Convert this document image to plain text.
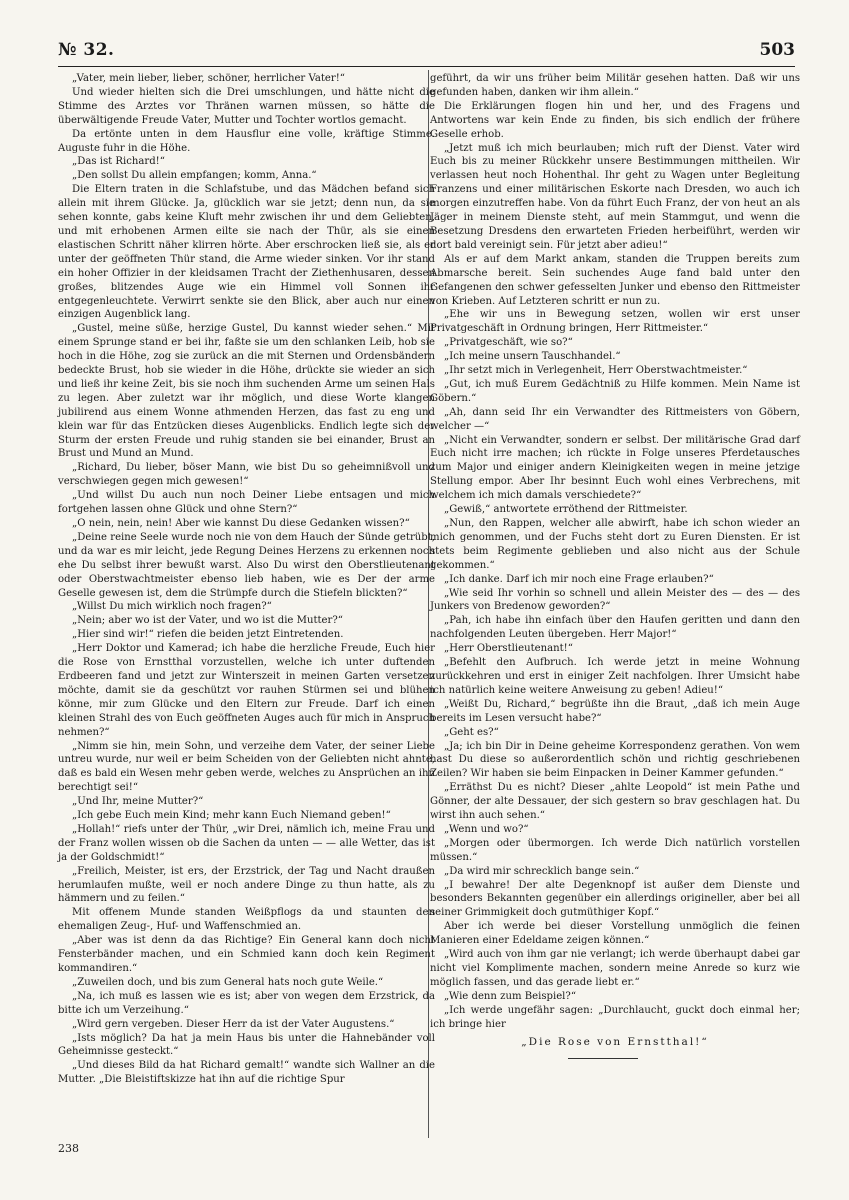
№ 32.	503

„Vater, mein lieber, lieber, schöner, herrlicher Vater!“

Und wieder hielten sich die Drei umschlungen, und hätte nicht die Stimme des Arztes vor Thränen warnen müssen, so hätte die überwältigende Freude Vater, Mutter und Tochter wortlos gemacht.

Da ertönte unten in dem Hausflur eine volle, kräftige Stimme. Auguste fuhr in die Höhe.

„Das ist Richard!“

„Den sollst Du allein empfangen; komm, Anna.“

Die Eltern traten in die Schlafstube, und das Mädchen befand sich allein mit ihrem Glücke. Ja, glücklich war sie jetzt; denn nun, da sie sehen konnte, gabs keine Kluft mehr zwischen ihr und dem Geliebten, und mit erhobenen Armen eilte sie nach der Thür, als sie einen elastischen Schritt näher klirren hörte. Aber erschrocken ließ sie, als er unter der geöffneten Thür stand, die Arme wieder sinken. Vor ihr stand ein hoher Offizier in der kleidsamen Tracht der Ziethenhusaren, dessen großes, blitzendes Auge wie ein Himmel voll Sonnen ihr entgegenleuchtete. Verwirrt senkte sie den Blick, aber auch nur einen einzigen Augenblick lang.

„Gustel, meine süße, herzige Gustel, Du kannst wieder sehen.“ Mit einem Sprunge stand er bei ihr, faßte sie um den schlanken Leib, hob sie hoch in die Höhe, zog sie zurück an die mit Sternen und Ordensbändern bedeckte Brust, hob sie wieder in die Höhe, drückte sie wieder an sich und ließ ihr keine Zeit, bis sie noch ihm suchenden Arme um seinen Hals zu legen. Aber zuletzt war ihr möglich, und diese Worte klangen jubilirend aus einem Wonne athmenden Herzen, das fast zu eng und klein war für das Entzücken dieses Augenblicks. Endlich legte sich der Sturm der ersten Freude und ruhig standen sie bei einander, Brust an Brust und Mund an Mund.

„Richard, Du lieber, böser Mann, wie bist Du so geheimnißvoll und verschwiegen gegen mich gewesen!“

„Und willst Du auch nun noch Deiner Liebe entsagen und mich fortgehen lassen ohne Glück und ohne Stern?“

„O nein, nein, nein! Aber wie kannst Du diese Gedanken wissen?“

„Deine reine Seele wurde noch nie von dem Hauch der Sünde getrübt, und da war es mir leicht, jede Regung Deines Herzens zu erkennen noch ehe Du selbst ihrer bewußt warst. Also Du wirst den Oberstlieutenant oder Oberstwachtmeister ebenso lieb haben, wie es Der der arme Geselle gewesen ist, dem die Strümpfe durch die Stiefeln blickten?“

„Willst Du mich wirklich noch fragen?“

„Nein; aber wo ist der Vater, und wo ist die Mutter?“

„Hier sind wir!“ riefen die beiden jetzt Eintretenden.

„Herr Doktor und Kamerad; ich habe die herzliche Freude, Euch hier die Rose von Ernstthal vorzustellen, welche ich unter duftenden Erdbeeren fand und jetzt zur Winterszeit in meinen Garten versetzen möchte, damit sie da geschützt vor rauhen Stürmen sei und blühen könne, mir zum Glücke und den Eltern zur Freude. Darf ich einen kleinen Strahl des von Euch geöffneten Auges auch für mich in Anspruch nehmen?“

„Nimm sie hin, mein Sohn, und verzeihe dem Vater, der seiner Liebe untreu wurde, nur weil er beim Scheiden von der Geliebten nicht ahnte, daß es bald ein Wesen mehr geben werde, welches zu Ansprüchen an ihn berechtigt sei!“

„Und Ihr, meine Mutter?“

„Ich gebe Euch mein Kind; mehr kann Euch Niemand geben!“

„Hollah!“ riefs unter der Thür, „wir Drei, nämlich ich, meine Frau und der Franz wollen wissen ob die Sachen da unten — — alle Wetter, das ist ja der Goldschmidt!“

„Freilich, Meister, ist ers, der Erzstrick, der Tag und Nacht draußen herumlaufen mußte, weil er noch andere Dinge zu thun hatte, als zu hämmern und zu feilen.“

Mit offenem Munde standen Weißpflogs da und staunten den ehemaligen Zeug-, Huf- und Waffenschmied an.

„Aber was ist denn da das Richtige? Ein General kann doch nicht Fensterbänder machen, und ein Schmied kann doch kein Regiment kommandiren.“

„Zuweilen doch, und bis zum General hats noch gute Weile.“

„Na, ich muß es lassen wie es ist; aber von wegen dem Erzstrick, da bitte ich um Verzeihung.“

„Wird gern vergeben. Dieser Herr da ist der Vater Augustens.“

„Ists möglich? Da hat ja mein Haus bis unter die Hahnebänder voll Geheimnisse gesteckt.“

„Und dieses Bild da hat Richard gemalt!“ wandte sich Wallner an die Mutter. „Die Bleistiftskizze hat ihn auf die richtige Spur

geführt, da wir uns früher beim Militär gesehen hatten. Daß wir uns gefunden haben, danken wir ihm allein.“

Die Erklärungen flogen hin und her, und des Fragens und Antwortens war kein Ende zu finden, bis sich endlich der frühere Geselle erhob.

„Jetzt muß ich mich beurlauben; mich ruft der Dienst. Vater wird Euch bis zu meiner Rückkehr unsere Bestimmungen mittheilen. Wir verlassen heut noch Hohenthal. Ihr geht zu Wagen unter Begleitung Franzens und einer militärischen Eskorte nach Dresden, wo auch ich morgen einzutreffen habe. Von da führt Euch Franz, der von heut an als Jäger in meinem Dienste steht, auf mein Stammgut, und wenn die Besetzung Dresdens den erwarteten Frieden herbeiführt, werden wir dort bald vereinigt sein. Für jetzt aber adieu!“

Als er auf dem Markt ankam, standen die Truppen bereits zum Abmarsche bereit. Sein suchendes Auge fand bald unter den Gefangenen den schwer gefesselten Junker und ebenso den Rittmeister von Krieben. Auf Letzteren schritt er nun zu.

„Ehe wir uns in Bewegung setzen, wollen wir erst unser Privatgeschäft in Ordnung bringen, Herr Rittmeister.“

„Privatgeschäft, wie so?“

„Ich meine unsern Tauschhandel.“

„Ihr setzt mich in Verlegenheit, Herr Oberstwachtmeister.“

„Gut, ich muß Eurem Gedächtniß zu Hilfe kommen. Mein Name ist Göbern.“

„Ah, dann seid Ihr ein Verwandter des Rittmeisters von Göbern, welcher —“

„Nicht ein Verwandter, sondern er selbst. Der militärische Grad darf Euch nicht irre machen; ich rückte in Folge unseres Pferdetausches zum Major und einiger andern Kleinigkeiten wegen in meine jetzige Stellung empor. Aber Ihr besinnt Euch wohl eines Verbrechens, mit welchem ich mich damals verschiedete?“

„Gewiß,“ antwortete erröthend der Rittmeister.

„Nun, den Rappen, welcher alle abwirft, habe ich schon wieder an mich genommen, und der Fuchs steht dort zu Euren Diensten. Er ist stets beim Regimente geblieben und also nicht aus der Schule gekommen.“

„Ich danke. Darf ich mir noch eine Frage erlauben?“

„Wie seid Ihr vorhin so schnell und allein Meister des — des — des Junkers von Bredenow geworden?“

„Pah, ich habe ihn einfach über den Haufen geritten und dann den nachfolgenden Leuten übergeben. Herr Major!“

„Herr Oberstlieutenant!“

„Befehlt den Aufbruch. Ich werde jetzt in meine Wohnung zurückkehren und erst in einiger Zeit nachfolgen. Ihrer Umsicht habe ich natürlich keine weitere Anweisung zu geben! Adieu!“

„Weißt Du, Richard,“ begrüßte ihn die Braut, „daß ich mein Auge bereits im Lesen versucht habe?“

„Geht es?“

„Ja; ich bin Dir in Deine geheime Korrespondenz gerathen. Von wem hast Du diese so außerordentlich schön und richtig geschriebenen Zeilen? Wir haben sie beim Einpacken in Deiner Kammer gefunden.“

„Erräthst Du es nicht? Dieser „ahlte Leopold“ ist mein Pathe und Gönner, der alte Dessauer, der sich gestern so brav geschlagen hat. Du wirst ihn auch sehen.“

„Wenn und wo?“

„Morgen oder übermorgen. Ich werde Dich natürlich vorstellen müssen.“

„Da wird mir schrecklich bange sein.“

„I bewahre! Der alte Degenknopf ist außer dem Dienste und besonders Bekannten gegenüber ein allerdings origineller, aber bei all seiner Grimmigkeit doch gutmüthiger Kopf.“

Aber ich werde bei dieser Vorstellung unmöglich die feinen Manieren einer Edeldame zeigen können.“

„Wird auch von ihm gar nie verlangt; ich werde überhaupt dabei gar nicht viel Komplimente machen, sondern meine Anrede so kurz wie möglich fassen, und das gerade liebt er.“

„Wie denn zum Beispiel?“

„Ich werde ungefähr sagen: „Durchlaucht, guckt doch einmal her; ich bringe hier

„Die Rose von Ernstthal!“

238
